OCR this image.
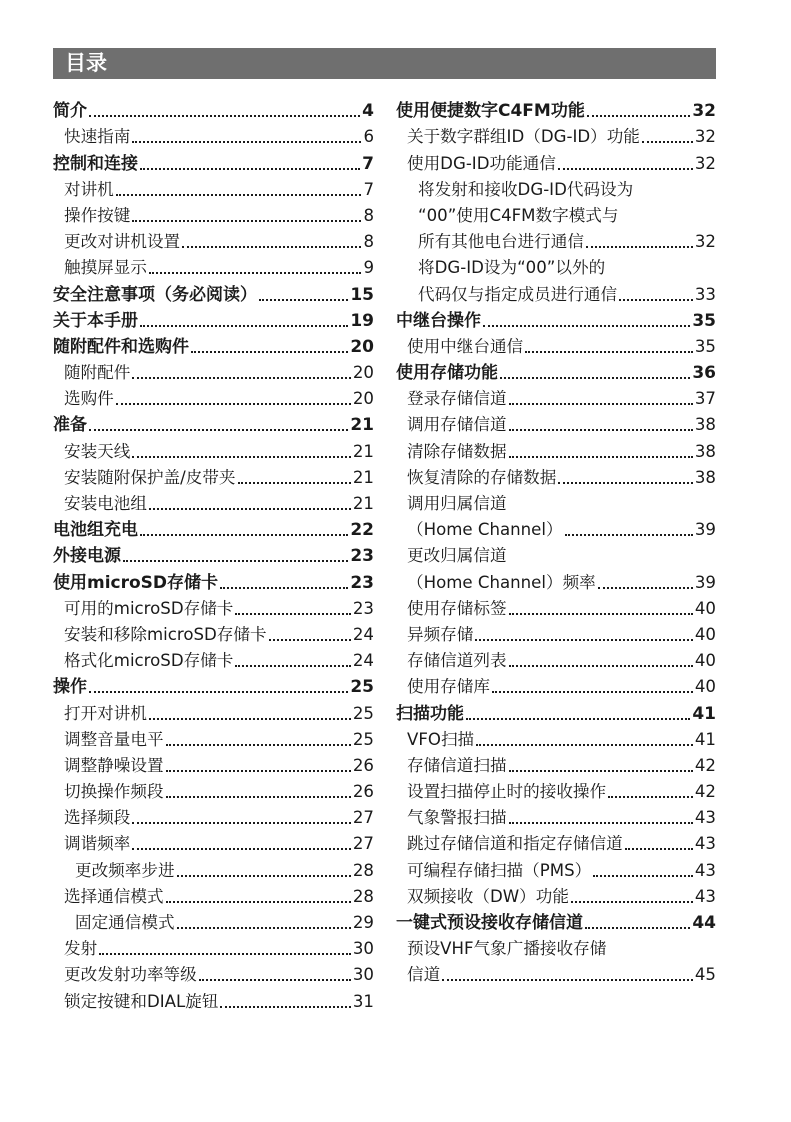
目录
简介	4
快速指南	6
控制和连接	7
对讲机	7
操作按键	8
更改对讲机设置	8
触摸屏显示	9
安全注意事项（务必阅读）	15
关于本手册	19
随附配件和选购件	20
随附配件	20
选购件	20
准备	21
安装天线	21
安装随附保护盖/皮带夹	21
安装电池组	21
电池组充电	22
外接电源	23
使用microSD存储卡	23
可用的microSD存储卡	23
安装和移除microSD存储卡	24
格式化microSD存储卡	24
操作	25
打开对讲机	25
调整音量电平	25
调整静噪设置	26
切换操作频段	26
选择频段	27
调谐频率	27
更改频率步进	28
选择通信模式	28
固定通信模式	29
发射	30
更改发射功率等级	30
锁定按键和DIAL旋钮	31
使用便捷数字C4FM功能	32
关于数字群组ID（DG-ID）功能	32
使用DG-ID功能通信	32
将发射和接收DG-ID代码设为
“00”使用C4FM数字模式与
所有其他电台进行通信	32
将DG-ID设为“00”以外的
代码仅与指定成员进行通信	33
中继台操作	35
使用中继台通信	35
使用存储功能	36
登录存储信道	37
调用存储信道	38
清除存储数据	38
恢复清除的存储数据	38
调用归属信道
（Home Channel）	39
更改归属信道
（Home Channel）频率	39
使用存储标签	40
异频存储	40
存储信道列表	40
使用存储库	40
扫描功能	41
VFO扫描	41
存储信道扫描	42
设置扫描停止时的接收操作	42
气象警报扫描	43
跳过存储信道和指定存储信道	43
可编程存储扫描（PMS）	43
双频接收（DW）功能	43
一键式预设接收存储信道	44
预设VHF气象广播接收存储
信道	45
